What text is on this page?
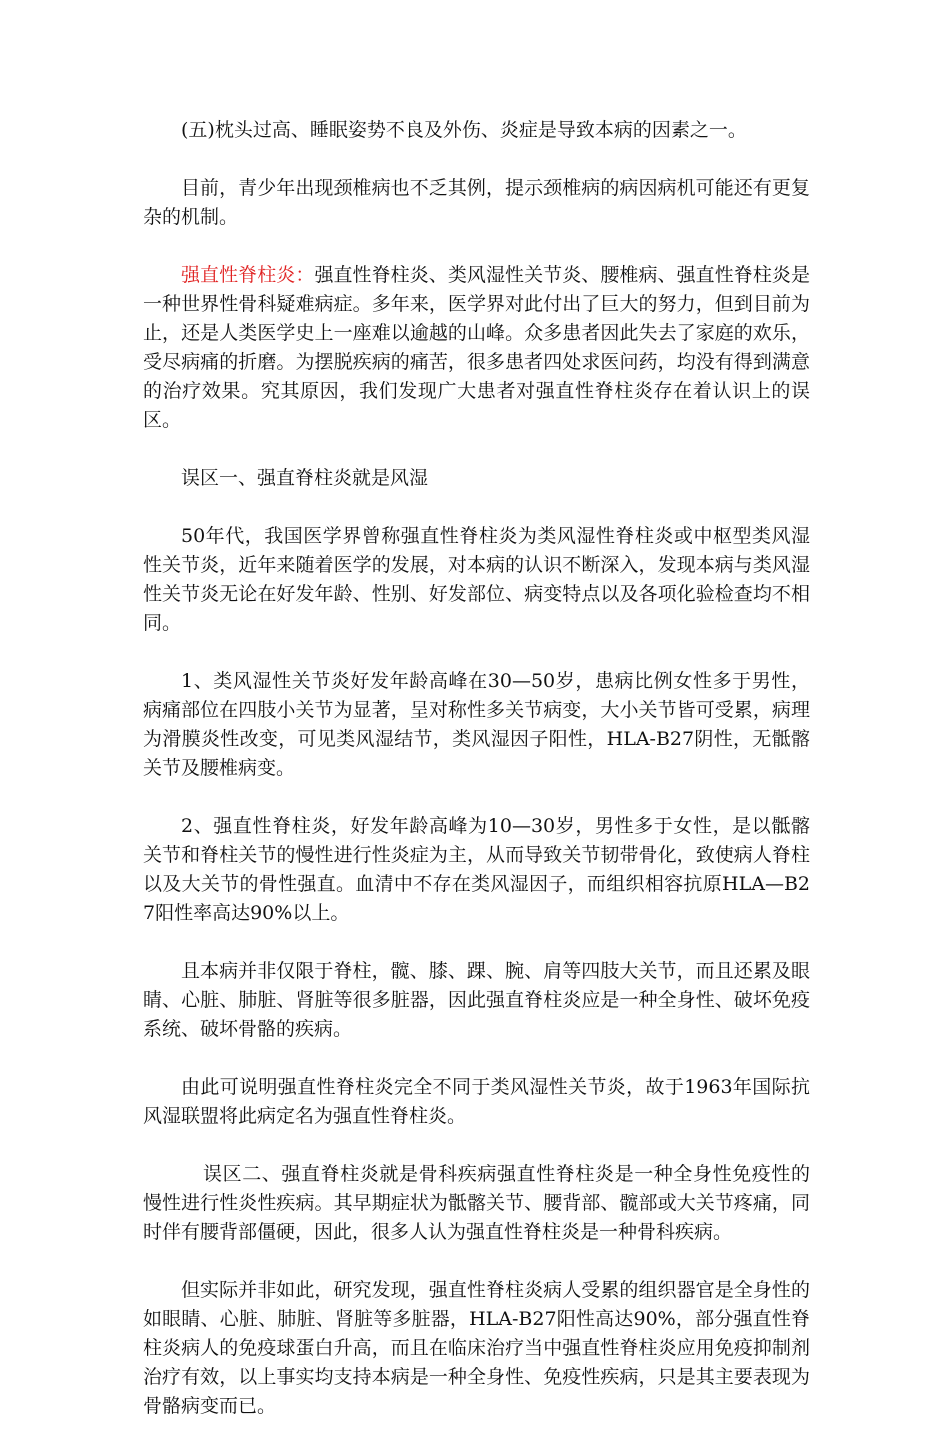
(五)枕头过高、睡眠姿势不良及外伤、炎症是导致本病的因素之一。

目前，青少年出现颈椎病也不乏其例，提示颈椎病的病因病机可能还有更复杂的机制。

强直性脊柱炎：强直性脊柱炎、类风湿性关节炎、腰椎病、强直性脊柱炎是一种世界性骨科疑难病症。多年来，医学界对此付出了巨大的努力，但到目前为止，还是人类医学史上一座难以逾越的山峰。众多患者因此失去了家庭的欢乐，受尽病痛的折磨。为摆脱疾病的痛苦，很多患者四处求医问药，均没有得到满意的治疗效果。究其原因，我们发现广大患者对强直性脊柱炎存在着认识上的误区。

误区一、强直脊柱炎就是风湿

50年代，我国医学界曾称强直性脊柱炎为类风湿性脊柱炎或中枢型类风湿性关节炎，近年来随着医学的发展，对本病的认识不断深入，发现本病与类风湿性关节炎无论在好发年龄、性别、好发部位、病变特点以及各项化验检查均不相同。

1、类风湿性关节炎好发年龄高峰在30—50岁，患病比例女性多于男性，病痛部位在四肢小关节为显著，呈对称性多关节病变，大小关节皆可受累，病理为滑膜炎性改变，可见类风湿结节，类风湿因子阳性，HLA-B27阴性，无骶髂关节及腰椎病变。

2、强直性脊柱炎，好发年龄高峰为10—30岁，男性多于女性，是以骶髂关节和脊柱关节的慢性进行性炎症为主，从而导致关节韧带骨化，致使病人脊柱以及大关节的骨性强直。血清中不存在类风湿因子，而组织相容抗原HLA—B27阳性率高达90%以上。

且本病并非仅限于脊柱，髋、膝、踝、腕、肩等四肢大关节，而且还累及眼睛、心脏、肺脏、肾脏等很多脏器，因此强直脊柱炎应是一种全身性、破坏免疫系统、破坏骨骼的疾病。

由此可说明强直性脊柱炎完全不同于类风湿性关节炎，故于1963年国际抗风湿联盟将此病定名为强直性脊柱炎。

误区二、强直脊柱炎就是骨科疾病强直性脊柱炎是一种全身性免疫性的慢性进行性炎性疾病。其早期症状为骶髂关节、腰背部、髋部或大关节疼痛，同时伴有腰背部僵硬，因此，很多人认为强直性脊柱炎是一种骨科疾病。

但实际并非如此，研究发现，强直性脊柱炎病人受累的组织器官是全身性的如眼睛、心脏、肺脏、肾脏等多脏器，HLA-B27阳性高达90%，部分强直性脊柱炎病人的免疫球蛋白升高，而且在临床治疗当中强直性脊柱炎应用免疫抑制剂治疗有效，以上事实均支持本病是一种全身性、免疫性疾病，只是其主要表现为骨骼病变而已。
